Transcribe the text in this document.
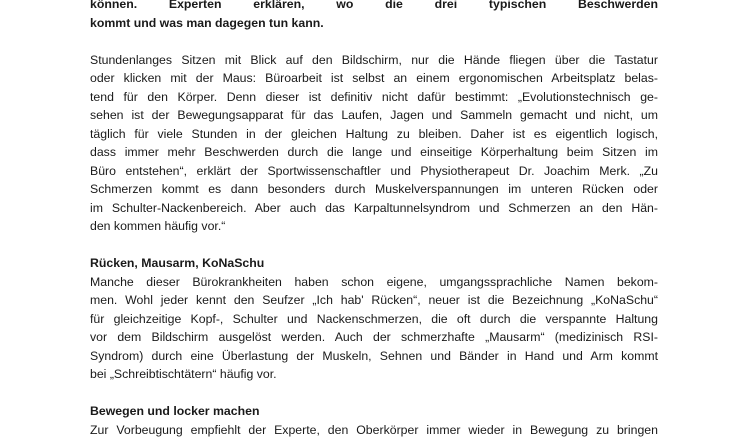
können. Experten erklären, wo die drei typischen Beschwerden
kommt und was man dagegen tun kann.
Stundenlanges Sitzen mit Blick auf den Bildschirm, nur die Hände fliegen über die Tastatur
oder klicken mit der Maus: Büroarbeit ist selbst an einem ergonomischen Arbeitsplatz belas-
tend für den Körper. Denn dieser ist definitiv nicht dafür bestimmt: „Evolutionstechnisch ge-
sehen ist der Bewegungsapparat für das Laufen, Jagen und Sammeln gemacht und nicht, um
täglich für viele Stunden in der gleichen Haltung zu bleiben. Daher ist es eigentlich logisch,
dass immer mehr Beschwerden durch die lange und einseitige Körperhaltung beim Sitzen im
Büro entstehen“, erklärt der Sportwissenschaftler und Physiotherapeut Dr. Joachim Merk. „Zu
Schmerzen kommt es dann besonders durch Muskelverspannungen im unteren Rücken oder
im Schulter-Nackenbereich. Aber auch das Karpaltunnelsyndrom und Schmerzen an den Hän-
den kommen häufig vor.“
Rücken, Mausarm, KoNaSchu
Manche dieser Bürokrankheiten haben schon eigene, umgangssprachliche Namen bekom-
men. Wohl jeder kennt den Seufzer „Ich hab' Rücken“, neuer ist die Bezeichnung „KoNaSchu“
für gleichzeitige Kopf-, Schulter und Nackenschmerzen, die oft durch die verspannte Haltung
vor dem Bildschirm ausgelöst werden. Auch der schmerzhafte „Mausarm“ (medizinisch RSI-
Syndrom) durch eine Überlastung der Muskeln, Sehnen und Bänder in Hand und Arm kommt
bei „Schreibtischtätern“ häufig vor.
Bewegen und locker machen
Zur Vorbeugung empfiehlt der Experte, den Oberkörper immer wieder in Bewegung zu bringen
